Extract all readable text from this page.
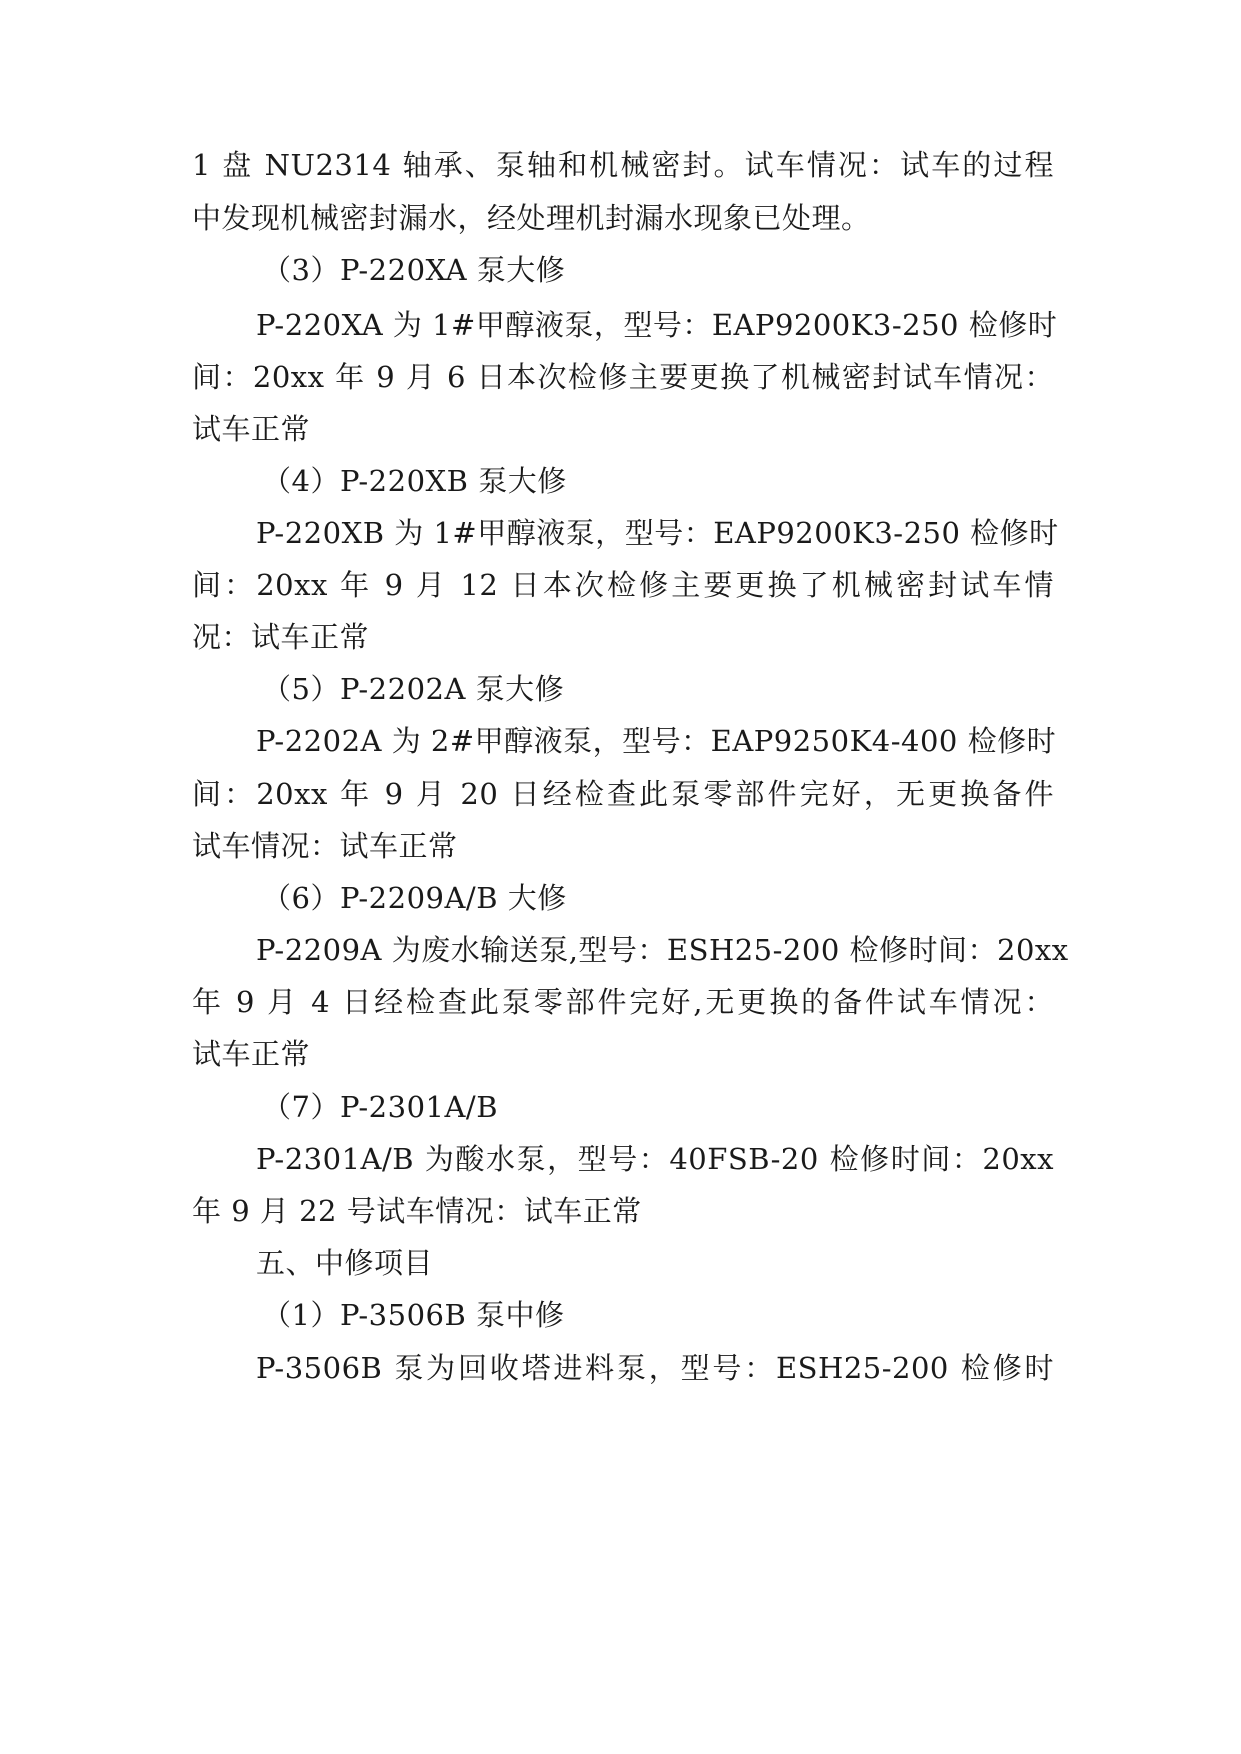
1 盘 NU2314 轴承、泵轴和机械密封。试车情况：试车的过程
中发现机械密封漏水，经处理机封漏水现象已处理。
（3）P-220XA 泵大修
P-220XA 为 1#甲醇液泵，型号：EAP9200K3-250 检修时
间：20xx 年 9 月 6 日本次检修主要更换了机械密封试车情况：
试车正常
（4）P-220XB 泵大修
P-220XB 为 1#甲醇液泵，型号：EAP9200K3-250 检修时
间：20xx 年 9 月 12 日本次检修主要更换了机械密封试车情
况：试车正常
（5）P-2202A 泵大修
P-2202A 为 2#甲醇液泵，型号：EAP9250K4-400 检修时
间：20xx 年 9 月 20 日经检查此泵零部件完好，无更换备件
试车情况：试车正常
（6）P-2209A/B 大修
P-2209A 为废水输送泵,型号：ESH25-200 检修时间：20xx
年 9 月 4 日经检查此泵零部件完好,无更换的备件试车情况：
试车正常
（7）P-2301A/B
P-2301A/B 为酸水泵，型号：40FSB-20 检修时间：20xx
年 9 月 22 号试车情况：试车正常
五、中修项目
（1）P-3506B 泵中修
P-3506B 泵为回收塔进料泵，型号：ESH25-200 检修时
